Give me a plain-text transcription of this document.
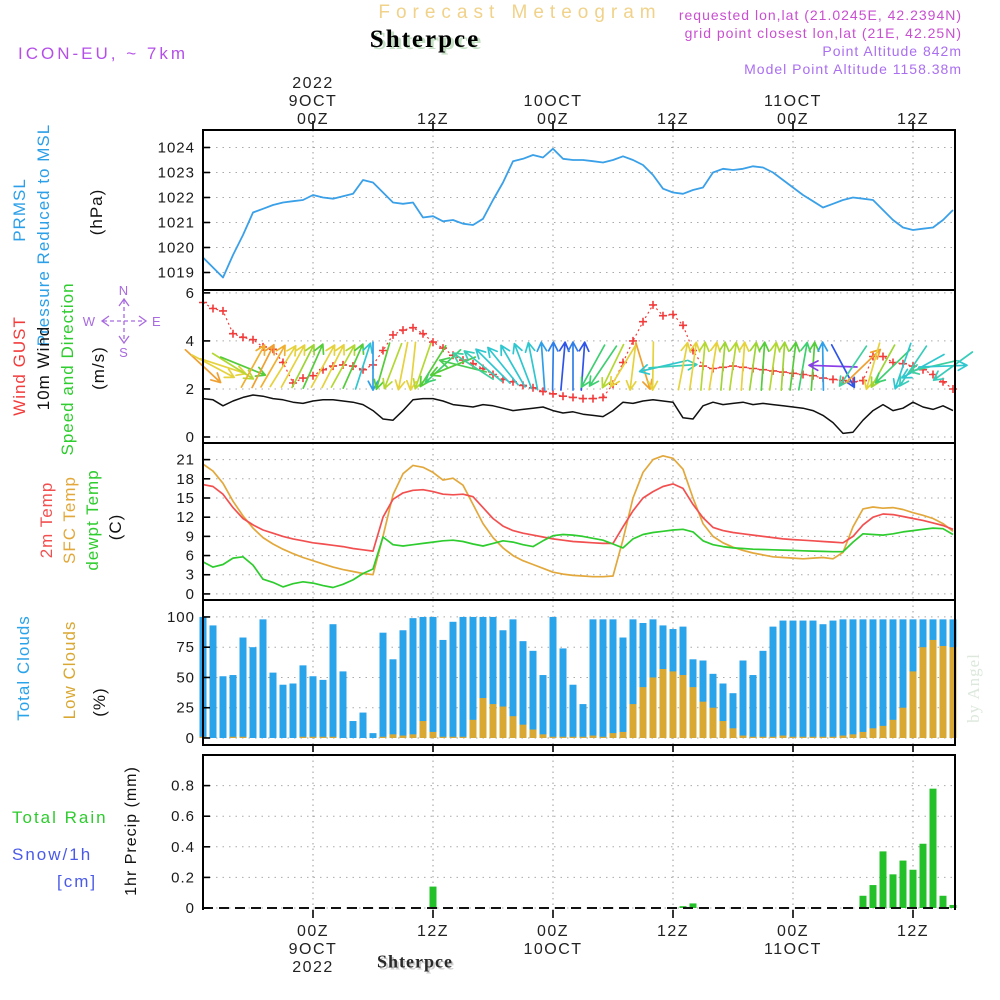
Forecast Meteogram
Shterpce
ICON-EU, ~ 7km
requested lon,lat (21.0245E, 42.2394N)
grid point closest lon,lat (21E, 42.25N)
Point Altitude 842m
Model Point Altitude 1158.38m
1019
1020
1021
1022
1023
1024
0
2
4
6
0
3
6
9
12
15
18
21
0
25
50
75
100
0
0.2
0.4
0.6
0.8
2022
9OCT
00Z	12Z
10OCT
00Z	12Z
11OCT
00Z	12Z
00Z
9OCT
2022
12Z	00Z
10OCT
12Z	00Z
11OCT
12Z
N
S
E
W
by Angel
Shterpce
PRMSL Pressure Reduced to MSL (hPa)
Wind GUST 10m Wind Speed and Direction (m/s)
2m Temp SFC Temp dewpt Temp (C)
Total Clouds Low Clouds (%)
Total Rain
Snow/1h
[cm] 1hr Precip (mm)
